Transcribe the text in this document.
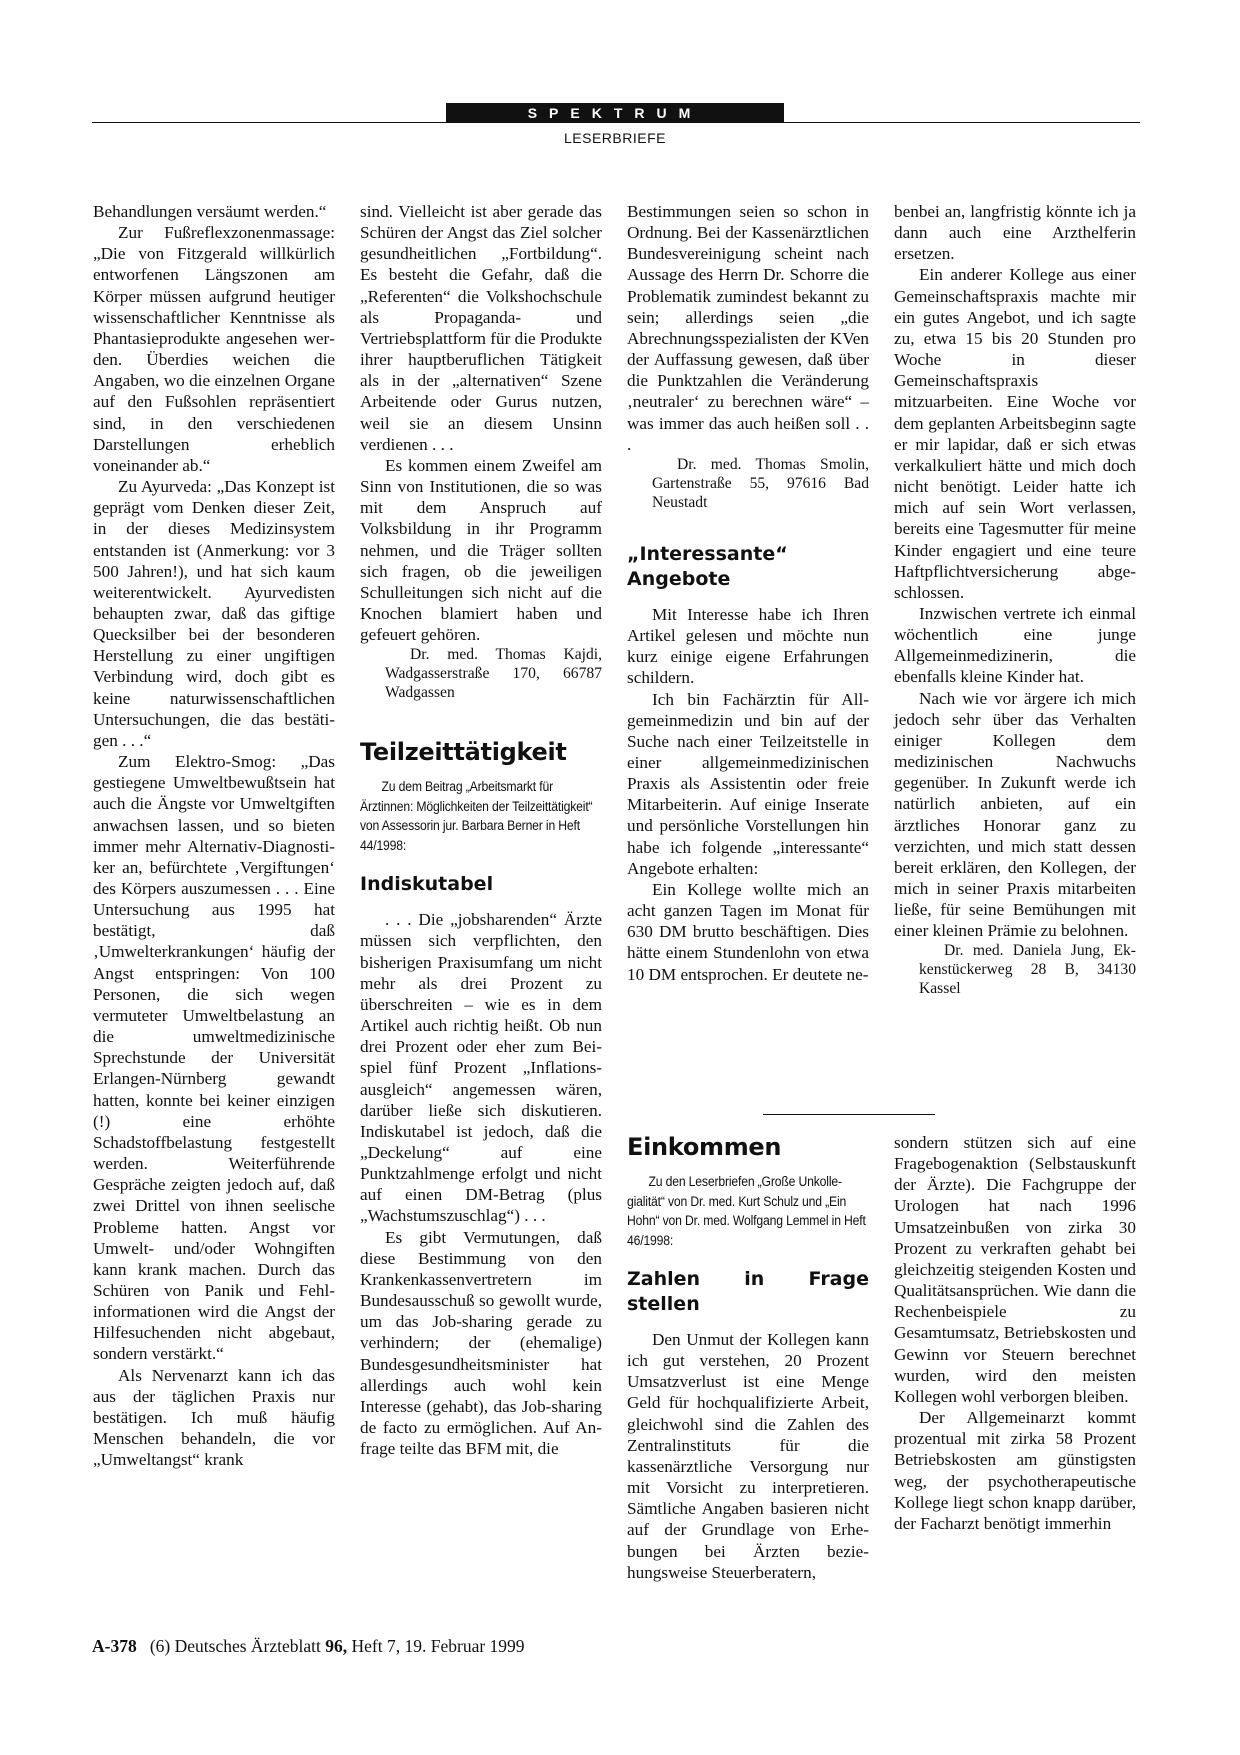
SPEKTRUM
LESERBRIEFE

Behandlungen versäumt werden.“

Zur Fußreflexzonenmassage: „Die von Fitzgerald willkürlich entworfenen Längszonen am Körper müssen aufgrund heutiger wissenschaftlicher Kenntnisse als Phantasieprodukte angesehen werden. Überdies weichen die Angaben, wo die einzelnen Organe auf den Fußsohlen repräsentiert sind, in den verschiedenen Darstellungen erheblich voneinander ab.“

Zu Ayurveda: „Das Konzept ist geprägt vom Denken dieser Zeit, in der dieses Medizinsystem entstanden ist (Anmerkung: vor 3 500 Jahren!), und hat sich kaum weiterentwickelt. Ayurvedisten behaupten zwar, daß das giftige Quecksilber bei der besonderen Herstellung zu einer ungiftigen Verbindung wird, doch gibt es keine naturwissenschaftlichen Untersuchungen, die das bestätigen . . .“

Zum Elektro-Smog: „Das gestiegene Umweltbewußtsein hat auch die Ängste vor Umweltgiften anwachsen lassen, und so bieten immer mehr Alternativ-Diagnostiker an, befürchtete ‚Vergiftungen‘ des Körpers auszumessen . . . Eine Untersuchung aus 1995 hat bestätigt, daß ‚Umwelterkrankungen‘ häufig der Angst entspringen: Von 100 Personen, die sich wegen vermuteter Umweltbelastung an die umweltmedizinische Sprechstunde der Universität Erlangen-Nürnberg gewandt hatten, konnte bei keiner einzigen (!) eine erhöhte Schadstoffbelastung festgestellt werden. Weiterführende Gespräche zeigten jedoch auf, daß zwei Drittel von ihnen seelische Probleme hatten. Angst vor Umwelt- und/oder Wohngiften kann krank machen. Durch das Schüren von Panik und Fehlinformationen wird die Angst der Hilfesuchenden nicht abgebaut, sondern verstärkt.“

Als Nervenarzt kann ich das aus der täglichen Praxis nur bestätigen. Ich muß häufig Menschen behandeln, die vor „Umweltangst“ krank

sind. Vielleicht ist aber gerade das Schüren der Angst das Ziel solcher gesundheitlichen „Fortbildung“. Es besteht die Gefahr, daß die „Referenten“ die Volkshochschule als Propaganda- und Vertriebsplattform für die Produkte ihrer hauptberuflichen Tätigkeit als in der „alternativen“ Szene Arbeitende oder Gurus nutzen, weil sie an diesem Unsinn verdienen . . .

Es kommen einem Zweifel am Sinn von Institutionen, die so was mit dem Anspruch auf Volksbildung in ihr Programm nehmen, und die Träger sollten sich fragen, ob die jeweiligen Schulleitungen sich nicht auf die Knochen blamiert haben und gefeuert gehören.

Dr. med. Thomas Kajdi, Wadgasserstraße 170, 66787 Wadgassen

Teilzeittätigkeit

Zu dem Beitrag „Arbeitsmarkt für Ärztinnen: Möglichkeiten der Teilzeittätigkeit“ von Assessorin jur. Barbara Berner in Heft 44/1998:

Indiskutabel

. . . Die „jobsharenden“ Ärzte müssen sich verpflichten, den bisherigen Praxisumfang um nicht mehr als drei Prozent zu überschreiten – wie es in dem Artikel auch richtig heißt. Ob nun drei Prozent oder eher zum Beispiel fünf Prozent „Inflationsausgleich“ angemessen wären, darüber ließe sich diskutieren. Indiskutabel ist jedoch, daß die „Deckelung“ auf eine Punktzahlmenge erfolgt und nicht auf einen DM-Betrag (plus „Wachstumszuschlag“) . . .

Es gibt Vermutungen, daß diese Bestimmung von den Krankenkassenvertretern im Bundesausschuß so gewollt wurde, um das Job-sharing gerade zu verhindern; der (ehemalige) Bundesgesundheitsminister hat allerdings auch wohl kein Interesse (gehabt), das Job-sharing de facto zu ermöglichen. Auf Anfrage teilte das BFM mit, die

Bestimmungen seien so schon in Ordnung. Bei der Kassenärztlichen Bundesvereinigung scheint nach Aussage des Herrn Dr. Schorre die Problematik zumindest bekannt zu sein; allerdings seien „die Abrechnungsspezialisten der KVen der Auffassung gewesen, daß über die Punktzahlen die Veränderung ‚neutraler‘ zu berechnen wäre“ – was immer das auch heißen soll . . .

Dr. med. Thomas Smolin, Gartenstraße 55, 97616 Bad Neustadt

„Interessante“
Angebote

Mit Interesse habe ich Ihren Artikel gelesen und möchte nun kurz einige eigene Erfahrungen schildern.

Ich bin Fachärztin für Allgemeinmedizin und bin auf der Suche nach einer Teilzeitstelle in einer allgemeinmedizinischen Praxis als Assistentin oder freie Mitarbeiterin. Auf einige Inserate und persönliche Vorstellungen hin habe ich folgende „interessante“ Angebote erhalten:

Ein Kollege wollte mich an acht ganzen Tagen im Monat für 630 DM brutto beschäftigen. Dies hätte einem Stundenlohn von etwa 10 DM entsprochen. Er deutete ne-

benbei an, langfristig könnte ich ja dann auch eine Arzthelferin ersetzen.

Ein anderer Kollege aus einer Gemeinschaftspraxis machte mir ein gutes Angebot, und ich sagte zu, etwa 15 bis 20 Stunden pro Woche in dieser Gemeinschaftspraxis mitzuarbeiten. Eine Woche vor dem geplanten Arbeitsbeginn sagte er mir lapidar, daß er sich etwas verkalkuliert hätte und mich doch nicht benötigt. Leider hatte ich mich auf sein Wort verlassen, bereits eine Tagesmutter für meine Kinder engagiert und eine teure Haftpflichtversicherung abgeschlossen.

Inzwischen vertrete ich einmal wöchentlich eine junge Allgemeinmedizinerin, die ebenfalls kleine Kinder hat.

Nach wie vor ärgere ich mich jedoch sehr über das Verhalten einiger Kollegen dem medizinischen Nachwuchs gegenüber. In Zukunft werde ich natürlich anbieten, auf ein ärztliches Honorar ganz zu verzichten, und mich statt dessen bereit erklären, den Kollegen, der mich in seiner Praxis mitarbeiten ließe, für seine Bemühungen mit einer kleinen Prämie zu belohnen.

Dr. med. Daniela Jung, Ekkenstückerweg 28 B, 34130 Kassel

Einkommen

Zu den Leserbriefen „Große Unkollegialität“ von Dr. med. Kurt Schulz und „Ein Hohn“ von Dr. med. Wolfgang Lemmel in Heft 46/1998:

Zahlen in Frage stellen

Den Unmut der Kollegen kann ich gut verstehen, 20 Prozent Umsatzverlust ist eine Menge Geld für hochqualifizierte Arbeit, gleichwohl sind die Zahlen des Zentralinstituts für die kassenärztliche Versorgung nur mit Vorsicht zu interpretieren. Sämtliche Angaben basieren nicht auf der Grundlage von Erhebungen bei Ärzten beziehungsweise Steuerberatern,

sondern stützen sich auf eine Fragebogenaktion (Selbstauskunft der Ärzte). Die Fachgruppe der Urologen hat nach 1996 Umsatzeinbußen von zirka 30 Prozent zu verkraften gehabt bei gleichzeitig steigenden Kosten und Qualitätsansprüchen. Wie dann die Rechenbeispiele zu Gesamtumsatz, Betriebskosten und Gewinn vor Steuern berechnet wurden, wird den meisten Kollegen wohl verborgen bleiben.

Der Allgemeinarzt kommt prozentual mit zirka 58 Prozent Betriebskosten am günstigsten weg, der psychotherapeutische Kollege liegt schon knapp darüber, der Facharzt benötigt immerhin

A-378 (6) Deutsches Ärzteblatt 96, Heft 7, 19. Februar 1999
